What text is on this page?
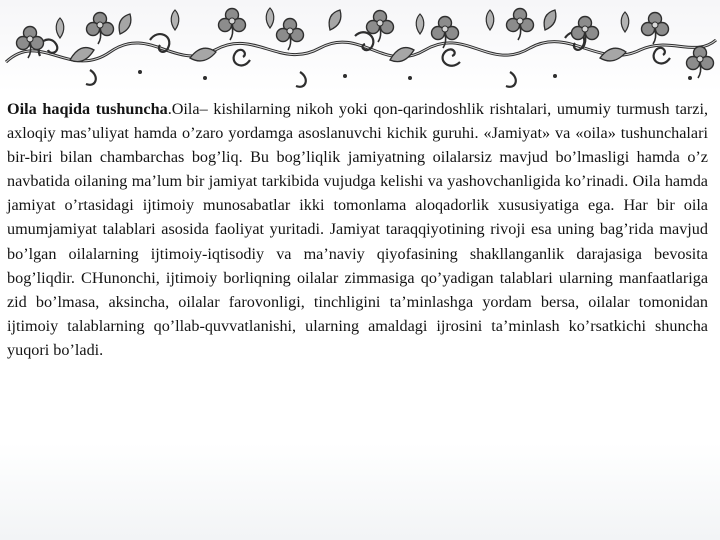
Oila haqida tushuncha.Oila– kishilarning nikoh yoki qon-qarindoshlik rishtalari, umumiy turmush tarzi, axloqiy mas’uliyat hamda o’zaro yordamga asoslanuvchi kichik guruhi. «Jamiyat» va «oila» tushunchalari bir-biri bilan chambarchas bog’liq. Bu bog’liqlik jamiyatning oilalarsiz mavjud bo’lmasligi hamda o’z navbatida oilaning ma’lum bir jamiyat tarkibida vujudga kelishi va yashovchanligida ko’rinadi. Oila hamda jamiyat o’rtasidagi ijtimoiy munosabatlar ikki tomonlama aloqadorlik xususiyatiga ega. Har bir oila umumjamiyat talablari asosida faoliyat yuritadi. Jamiyat taraqqiyotining rivoji esa uning bag’rida mavjud bo’lgan oilalarning ijtimoiy-iqtisodiy va ma’naviy qiyofasining shakllanganlik darajasiga bevosita bog’liqdir. CHunonchi, ijtimoiy borliqning oilalar zimmasiga qo’yadigan talablari ularning manfaatlariga zid bo’lmasa, aksincha, oilalar farovonligi, tinchligini ta’minlashga yordam bersa, oilalar tomonidan ijtimoiy talablarning qo’llab-quvvatlanishi, ularning amaldagi ijrosini ta’minlash ko’rsatkichi shuncha yuqori bo’ladi.
